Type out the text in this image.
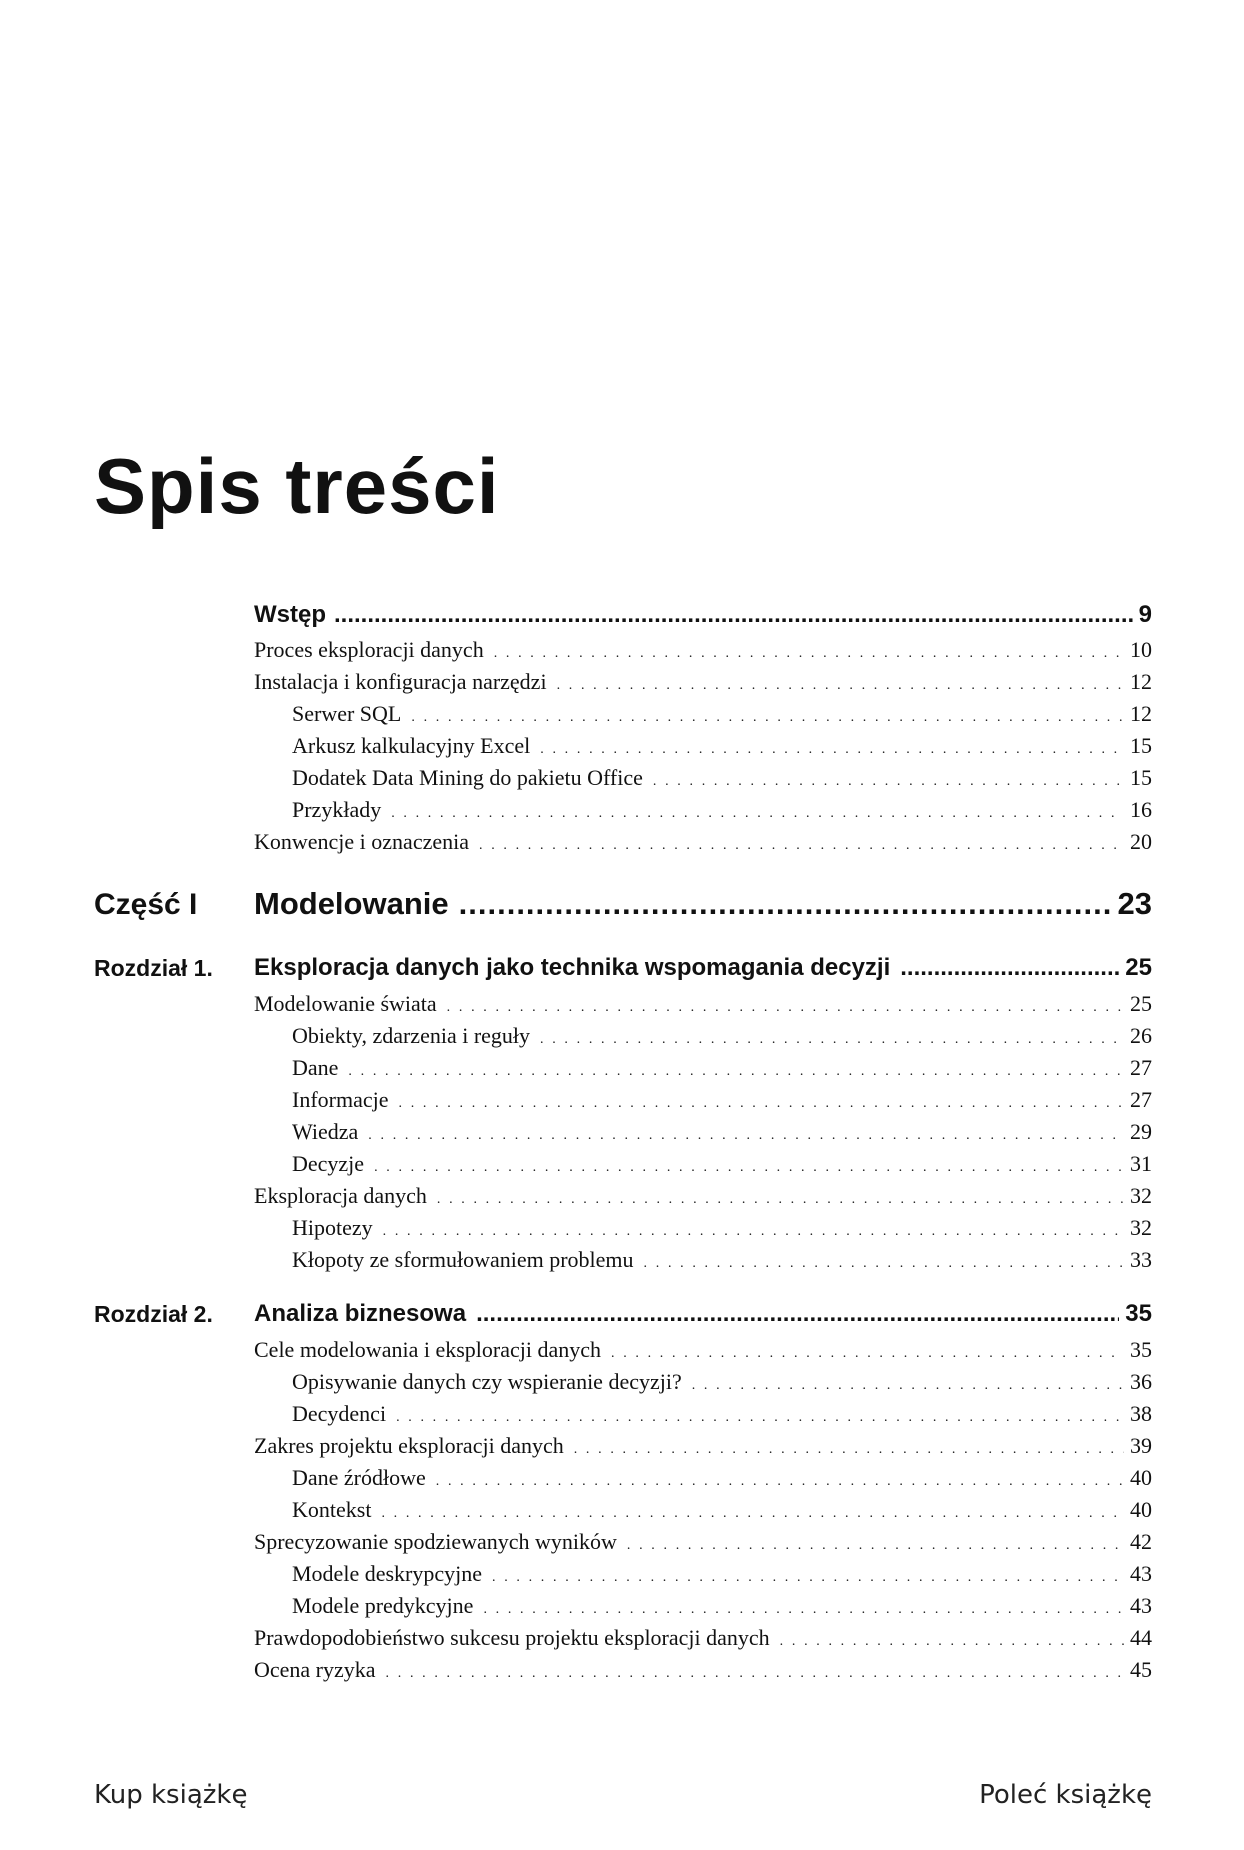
Spis treści
Wstęp .....	9
Proces eksploracji danych . . .	10
Instalacja i konfiguracja narzędzi . . .	12
Serwer SQL . . .	12
Arkusz kalkulacyjny Excel . . .	15
Dodatek Data Mining do pakietu Office . . .	15
Przykłady . . .	16
Konwencje i oznaczenia . . .	20
Część I Modelowanie .....	23
Rozdział 1. Eksploracja danych jako technika wspomagania decyzji .....	25
Modelowanie świata . . .	25
Obiekty, zdarzenia i reguły . . .	26
Dane . . .	27
Informacje . . .	27
Wiedza . . .	29
Decyzje . . .	31
Eksploracja danych . . .	32
Hipotezy . . .	32
Kłopoty ze sformułowaniem problemu . . .	33
Rozdział 2. Analiza biznesowa .....	35
Cele modelowania i eksploracji danych . . .	35
Opisywanie danych czy wspieranie decyzji? . . .	36
Decydenci . . .	38
Zakres projektu eksploracji danych . . .	39
Dane źródłowe . . .	40
Kontekst . . .	40
Sprecyzowanie spodziewanych wyników . . .	42
Modele deskrypcyjne . . .	43
Modele predykcyjne . . .	43
Prawdopodobieństwo sukcesu projektu eksploracji danych . . .	44
Ocena ryzyka . . .	45
Kup książkę	Poleć książkę
